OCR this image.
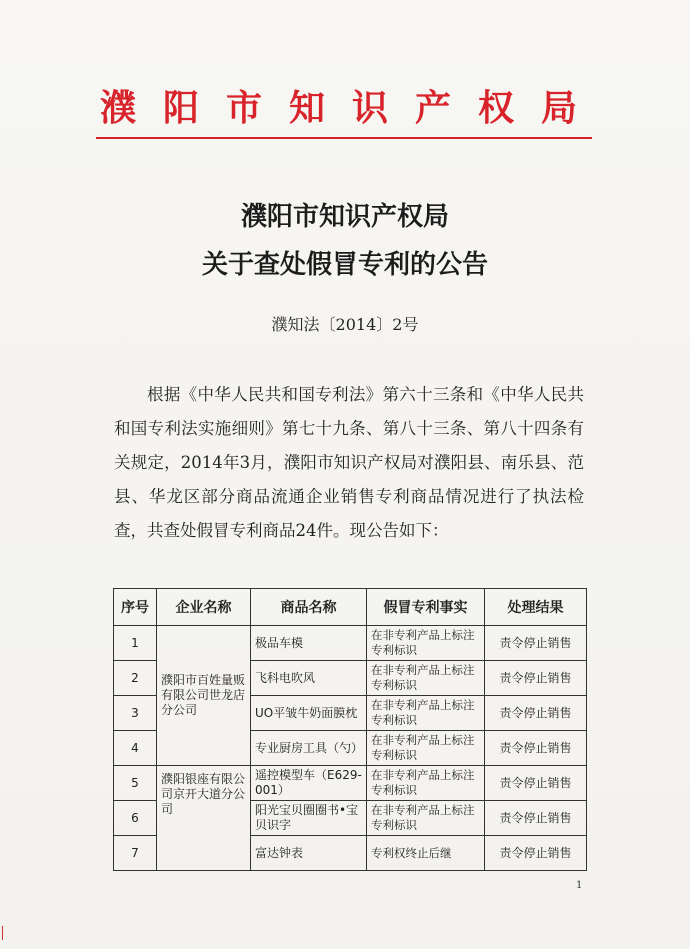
濮阳市知识产权局
濮阳市知识产权局
关于查处假冒专利的公告
濮知法〔2014〕2号
根据《中华人民共和国专利法》第六十三条和《中华人民共和国专利法实施细则》第七十九条、第八十三条、第八十四条有关规定，2014年3月，濮阳市知识产权局对濮阳县、南乐县、范县、华龙区部分商品流通企业销售专利商品情况进行了执法检查，共查处假冒专利商品24件。现公告如下：
序号	企业名称	商品名称	假冒专利事实	处理结果
1	濮阳市百姓量贩有限公司世龙店分公司	极品车模	在非专利产品上标注专利标识	责令停止销售
2		飞科电吹风	在非专利产品上标注专利标识	责令停止销售
3		UO平皱牛奶面膜枕	在非专利产品上标注专利标识	责令停止销售
4		专业厨房工具（勺）	在非专利产品上标注专利标识	责令停止销售
5	濮阳银座有限公司京开大道分公司	遥控模型车（E629-001）	在非专利产品上标注专利标识	责令停止销售
6		阳光宝贝圈圈书•宝贝识字	在非专利产品上标注专利标识	责令停止销售
7		富达钟表	专利权终止后继	责令停止销售
1
